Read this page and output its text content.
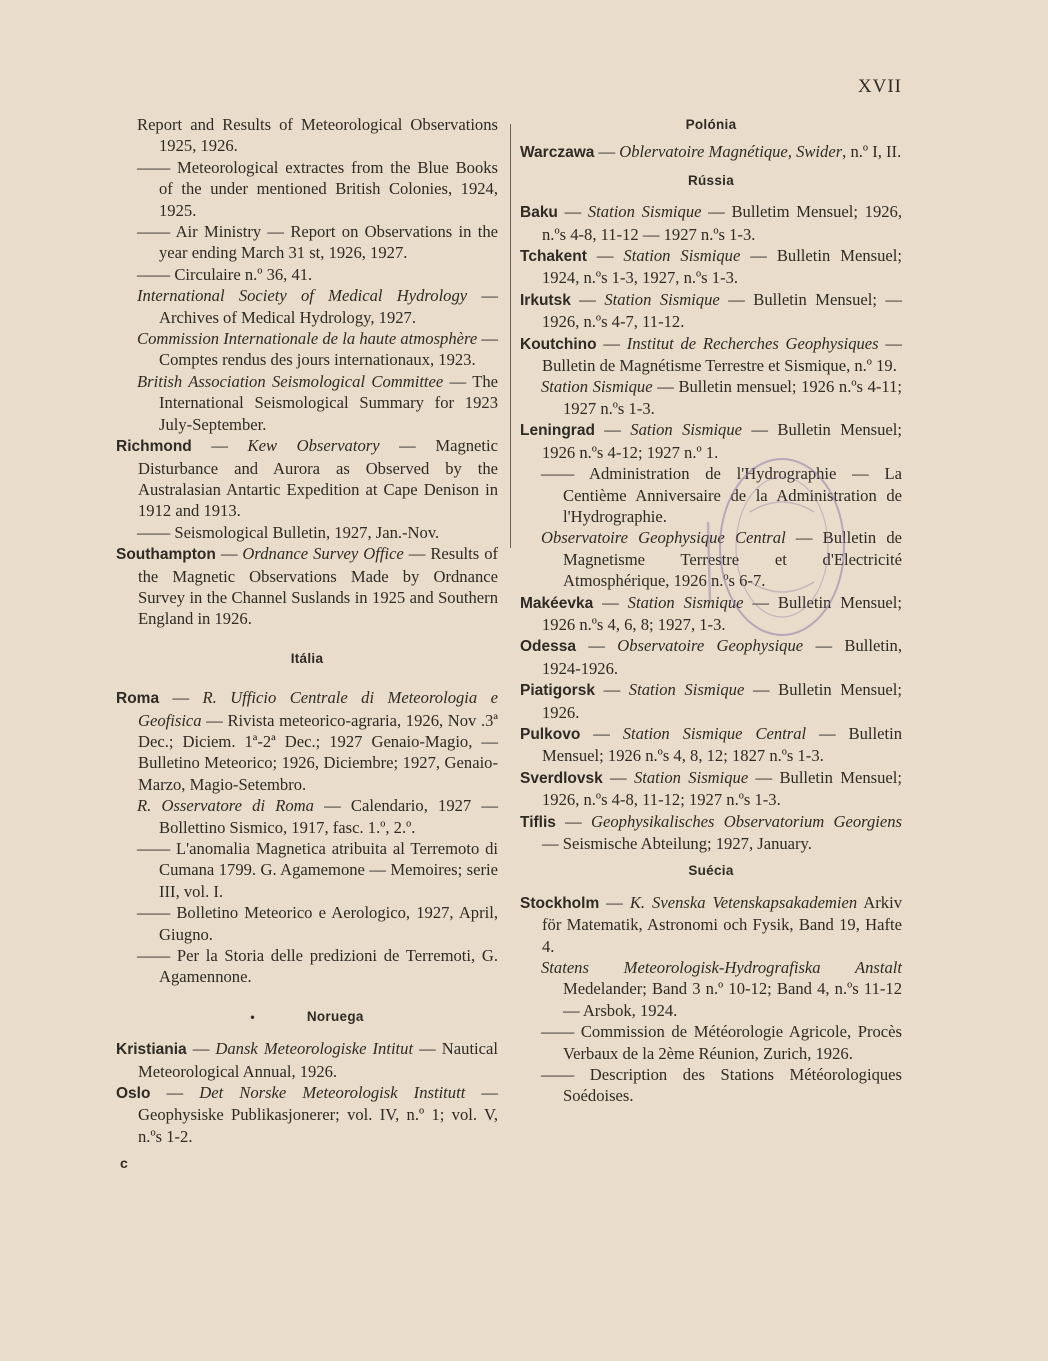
XVII
Report and Results of Meteorological Observations 1925, 1926.
—— Meteorological extractes from the Blue Books of the under mentioned British Colonies, 1924, 1925.
—— Air Ministry — Report on Observations in the year ending March 31 st, 1926, 1927.
—— Circulaire n.º 36, 41.
International Society of Medical Hydrology — Archives of Medical Hydrology, 1927.
Commission Internationale de la haute atmosphère — Comptes rendus des jours internationaux, 1923.
British Association Seismological Committee — The International Seismological Summary for 1923 July-September.
Richmond — Kew Observatory — Magnetic Disturbance and Aurora as Observed by the Australasian Antartic Expedition at Cape Denison in 1912 and 1913.
—— Seismological Bulletin, 1927, Jan.-Nov.
Southampton — Ordnance Survey Office — Results of the Magnetic Observations Made by Ordnance Survey in the Channel Suslands in 1925 and Southern England in 1926.
Itália
Roma — R. Ufficio Centrale di Meteorologia e Geofisica — Rivista meteorico-agraria, 1926, Nov .3ª Dec.; Diciem. 1ª-2ª Dec.; 1927 Genaio-Magio, — Bulletino Meteorico; 1926, Diciembre; 1927, Genaio-Marzo, Magio-Setembro.
R. Osservatore di Roma — Calendario, 1927 — Bollettino Sismico, 1917, fasc. 1.º, 2.º.
—— L'anomalia Magnetica atribuita al Terremoto di Cumana 1799. G. Agamemone — Memoires; serie III, vol. I.
—— Bolletino Meteorico e Aerologico, 1927, April, Giugno.
—— Per la Storia delle predizioni de Terremoti, G. Agamennone.
•	Noruega
Kristiania — Dansk Meteorologiske Intitut — Nautical Meteorological Annual, 1926.
Oslo — Det Norske Meteorologisk Institutt — Geophysiske Publikasjonerer; vol. IV, n.º 1; vol. V, n.ºs 1-2.
c
Polónia
Warczawa — Oblervatoire Magnétique, Swider, n.º I, II.
Rússia
Baku — Station Sismique — Bulletim Mensuel; 1926, n.ºs 4-8, 11-12 — 1927 n.ºs 1-3.
Tchakent — Station Sismique — Bulletin Mensuel; 1924, n.ºs 1-3, 1927, n.ºs 1-3.
Irkutsk — Station Sismique — Bulletin Mensuel; — 1926, n.ºs 4-7, 11-12.
Koutchino — Institut de Recherches Geophysiques — Bulletin de Magnétisme Terrestre et Sismique, n.º 19.
Station Sismique — Bulletin mensuel; 1926 n.ºs 4-11; 1927 n.ºs 1-3.
Leningrad — Sation Sismique — Bulletin Mensuel; 1926 n.ºs 4-12; 1927 n.º 1.
—— Administration de l'Hydrographie — La Centième Anniversaire de la Administration de l'Hydrographie.
Observatoire Geophysique Central — Bulletin de Magnetisme Terrestre et d'Electricité Atmosphérique, 1926 n.ºs 6-7.
Makéevka — Station Sismique — Bulletin Mensuel; 1926 n.ºs 4, 6, 8; 1927, 1-3.
Odessa — Observatoire Geophysique — Bulletin, 1924-1926.
Piatigorsk — Station Sismique — Bulletin Mensuel; 1926.
Pulkovo — Station Sismique Central — Bulletin Mensuel; 1926 n.ºs 4, 8, 12; 1827 n.ºs 1-3.
Sverdlovsk — Station Sismique — Bulletin Mensuel; 1926, n.ºs 4-8, 11-12; 1927 n.ºs 1-3.
Tiflis — Geophysikalisches Observatorium Georgiens — Seismische Abteilung; 1927, January.
Suécia
Stockholm — K. Svenska Vetenskapsakademien Arkiv för Matematik, Astronomi och Fysik, Band 19, Hafte 4.
Statens Meteorologisk-Hydrografiska Anstalt Medelander; Band 3 n.º 10-12; Band 4, n.ºs 11-12 — Arsbok, 1924.
—— Commission de Météorologie Agricole, Procès Verbaux de la 2ème Réunion, Zurich, 1926.
—— Description des Stations Météorologiques Soédoises.
